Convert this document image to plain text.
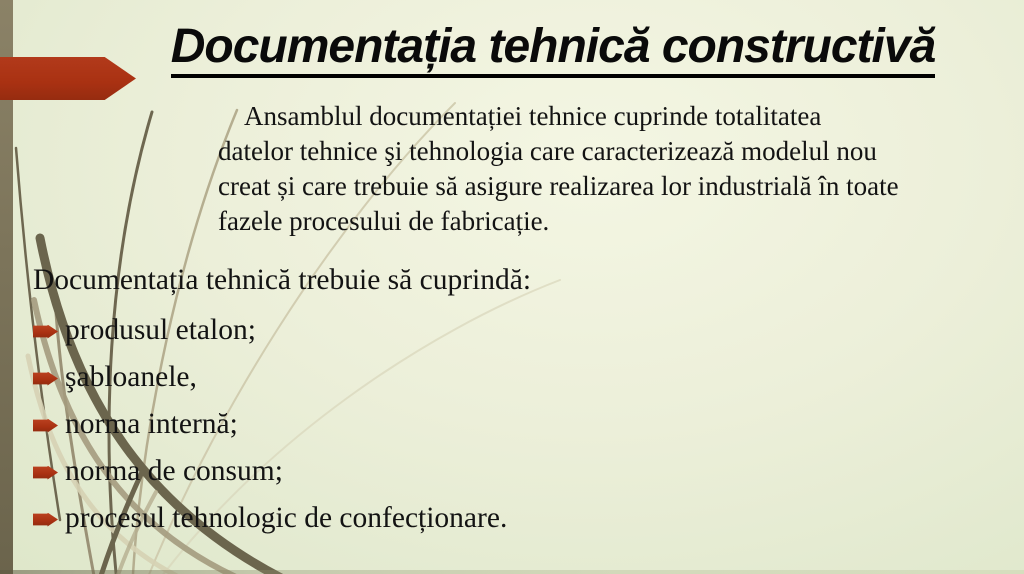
Documentația tehnică constructivă
Ansamblul documentației tehnice cuprinde totalitatea
datelor tehnice şi tehnologia care caracterizează modelul nou
creat și care trebuie să asigure realizarea lor industrială în toate
fazele procesului de fabricație.
Documentația tehnică trebuie să cuprindă:
produsul etalon;
şabloanele,
norma internă;
norma de consum;
procesul tehnologic de confecționare.
